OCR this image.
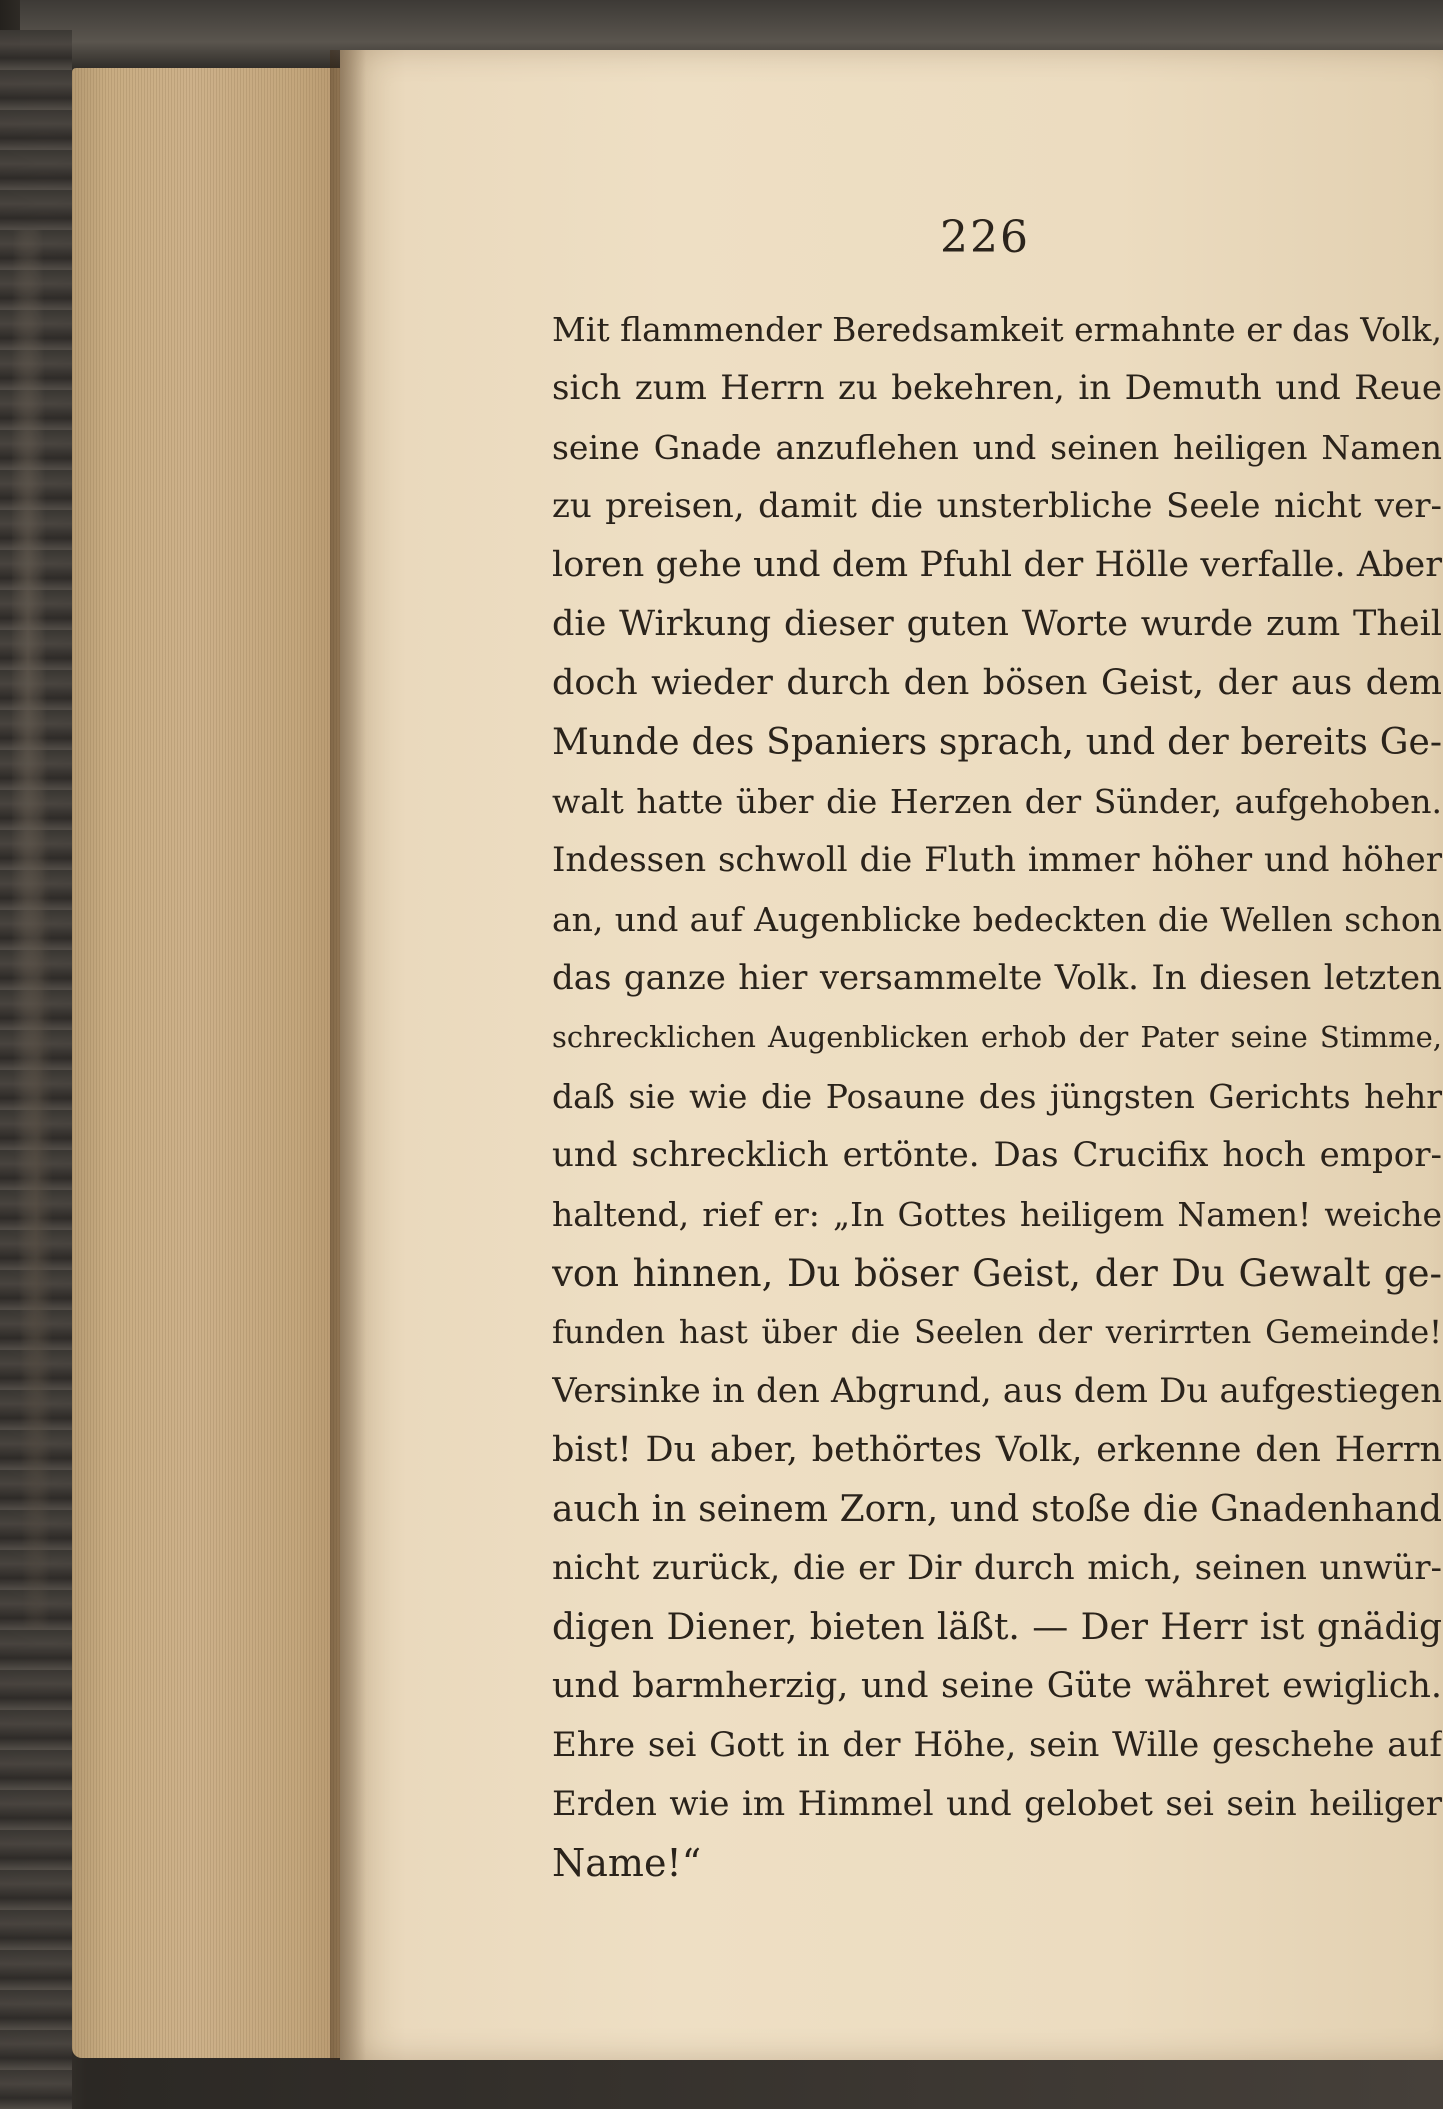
226
Mit flammender Beredsamkeit ermahnte er das Volk,
sich zum Herrn zu bekehren, in Demuth und Reue
seine Gnade anzuflehen und seinen heiligen Namen
zu preisen, damit die unsterbliche Seele nicht ver-
loren gehe und dem Pfuhl der Hölle verfalle. Aber
die Wirkung dieser guten Worte wurde zum Theil
doch wieder durch den bösen Geist, der aus dem
Munde des Spaniers sprach, und der bereits Ge-
walt hatte über die Herzen der Sünder, aufgehoben.
Indessen schwoll die Fluth immer höher und höher
an, und auf Augenblicke bedeckten die Wellen schon
das ganze hier versammelte Volk. In diesen letzten
schrecklichen Augenblicken erhob der Pater seine Stimme,
daß sie wie die Posaune des jüngsten Gerichts hehr
und schrecklich ertönte. Das Crucifix hoch empor-
haltend, rief er: „In Gottes heiligem Namen! weiche
von hinnen, Du böser Geist, der Du Gewalt ge-
funden hast über die Seelen der verirrten Gemeinde!
Versinke in den Abgrund, aus dem Du aufgestiegen
bist! Du aber, bethörtes Volk, erkenne den Herrn
auch in seinem Zorn, und stoße die Gnadenhand
nicht zurück, die er Dir durch mich, seinen unwür-
digen Diener, bieten läßt. — Der Herr ist gnädig
und barmherzig, und seine Güte währet ewiglich.
Ehre sei Gott in der Höhe, sein Wille geschehe auf
Erden wie im Himmel und gelobet sei sein heiliger
Name!“
